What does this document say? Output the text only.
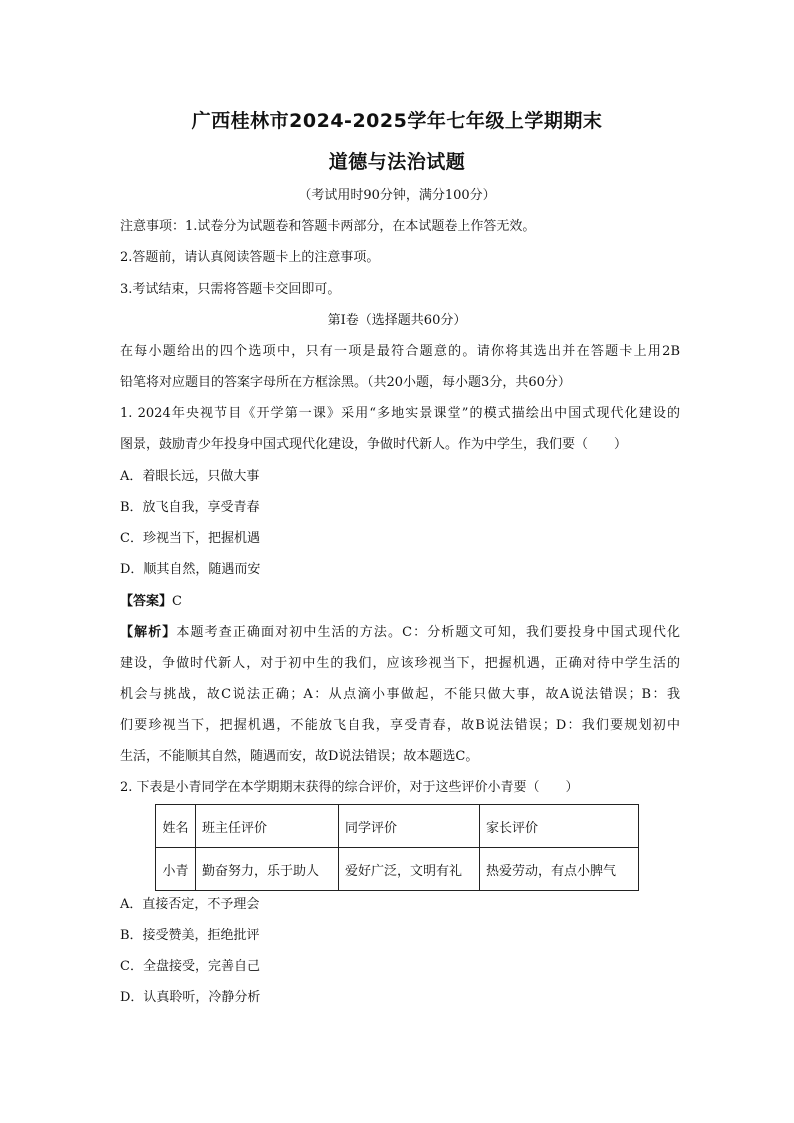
广西桂林市2024-2025学年七年级上学期期末
道德与法治试题
（考试用时90分钟，满分100分）
注意事项：1.试卷分为试题卷和答题卡两部分，在本试题卷上作答无效。
2.答题前，请认真阅读答题卡上的注意事项。
3.考试结束，只需将答题卡交回即可。
第Ⅰ卷（选择题共60分）
在每小题给出的四个选项中，只有一项是最符合题意的。请你将其选出并在答题卡上用2B
铅笔将对应题目的答案字母所在方框涂黑。（共20小题，每小题3分，共60分）
1. 2024年央视节目《开学第一课》采用“多地实景课堂”的模式描绘出中国式现代化建设的
图景，鼓励青少年投身中国式现代化建设，争做时代新人。作为中学生，我们要（　　）
A．着眼长远，只做大事
B．放飞自我，享受青春
C．珍视当下，把握机遇
D．顺其自然，随遇而安
【答案】C
【解析】本题考查正确面对初中生活的方法。C：分析题文可知，我们要投身中国式现代化
建设，争做时代新人，对于初中生的我们，应该珍视当下，把握机遇，正确对待中学生活的
机会与挑战，故C说法正确；A：从点滴小事做起，不能只做大事，故A说法错误；B：我
们要珍视当下，把握机遇，不能放飞自我，享受青春，故B说法错误；D：我们要规划初中
生活，不能顺其自然，随遇而安，故D说法错误；故本题选C。
2. 下表是小青同学在本学期期末获得的综合评价，对于这些评价小青要（　　）
姓名	班主任评价	同学评价	家长评价
小青	勤奋努力，乐于助人	爱好广泛，文明有礼	热爱劳动，有点小脾气
A．直接否定，不予理会
B．接受赞美，拒绝批评
C．全盘接受，完善自己
D．认真聆听，冷静分析
